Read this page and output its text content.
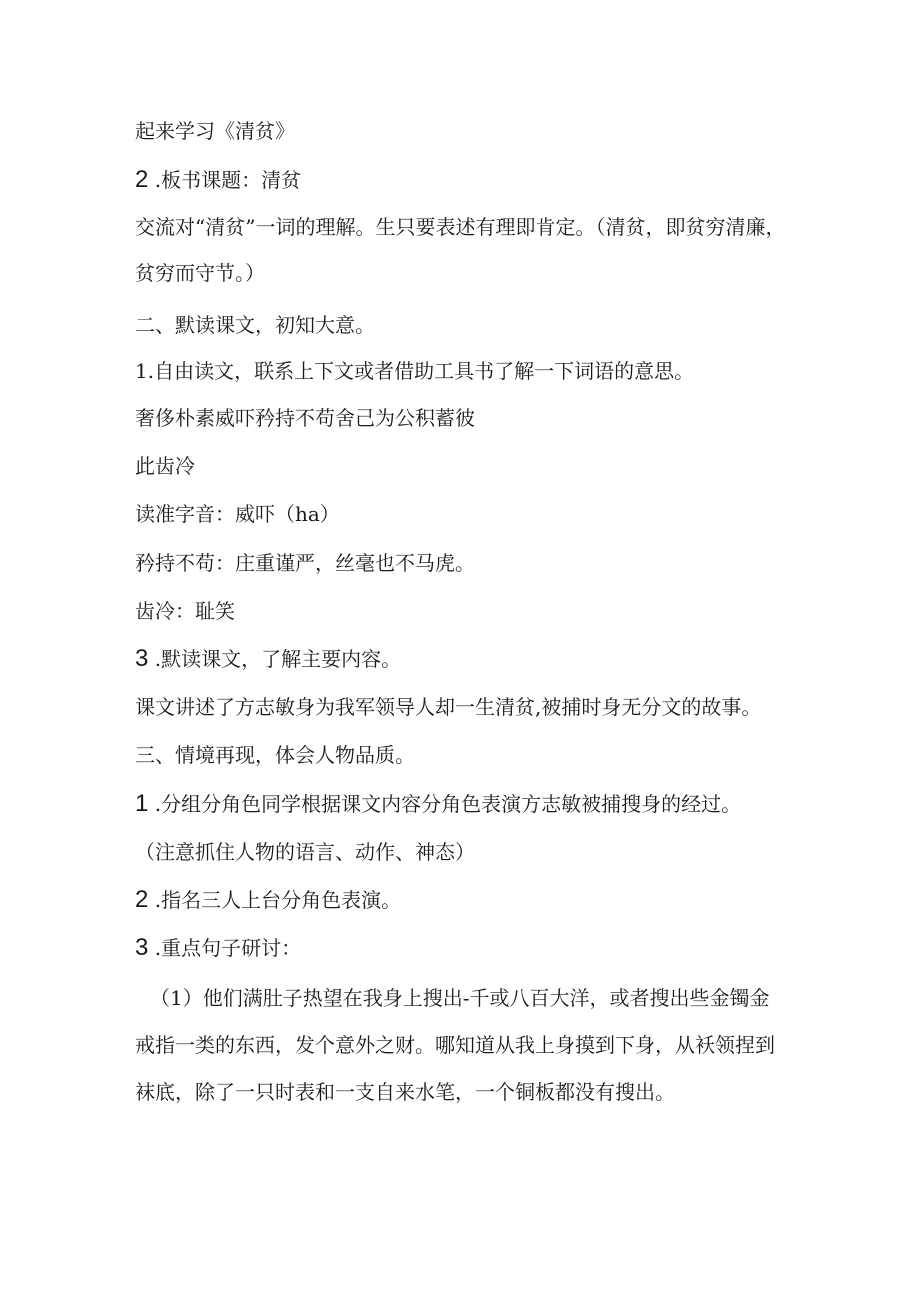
起来学习《清贫》
2 .板书课题：清贫
交流对“清贫”一词的理解。生只要表述有理即肯定。（清贫，即贫穷清廉，
贫穷而守节。）
二、默读课文，初知大意。
1.自由读文，联系上下文或者借助工具书了解一下词语的意思。
奢侈朴素威吓矜持不苟舍己为公积蓄彼
此齿冷
读准字音：威吓（ha）
矜持不苟：庄重谨严，丝毫也不马虎。
齿冷：耻笑
3 .默读课文，了解主要内容。
课文讲述了方志敏身为我军领导人却一生清贫,被捕时身无分文的故事。
三、情境再现，体会人物品质。
1 .分组分角色同学根据课文内容分角色表演方志敏被捕搜身的经过。
（注意抓住人物的语言、动作、神态）
2 .指名三人上台分角色表演。
3 .重点句子研讨：
（1）他们满肚子热望在我身上搜出-千或八百大洋，或者搜出些金镯金
戒指一类的东西，发个意外之财。哪知道从我上身摸到下身，从袄领捏到
袜底，除了一只时表和一支自来水笔，一个铜板都没有搜出。
